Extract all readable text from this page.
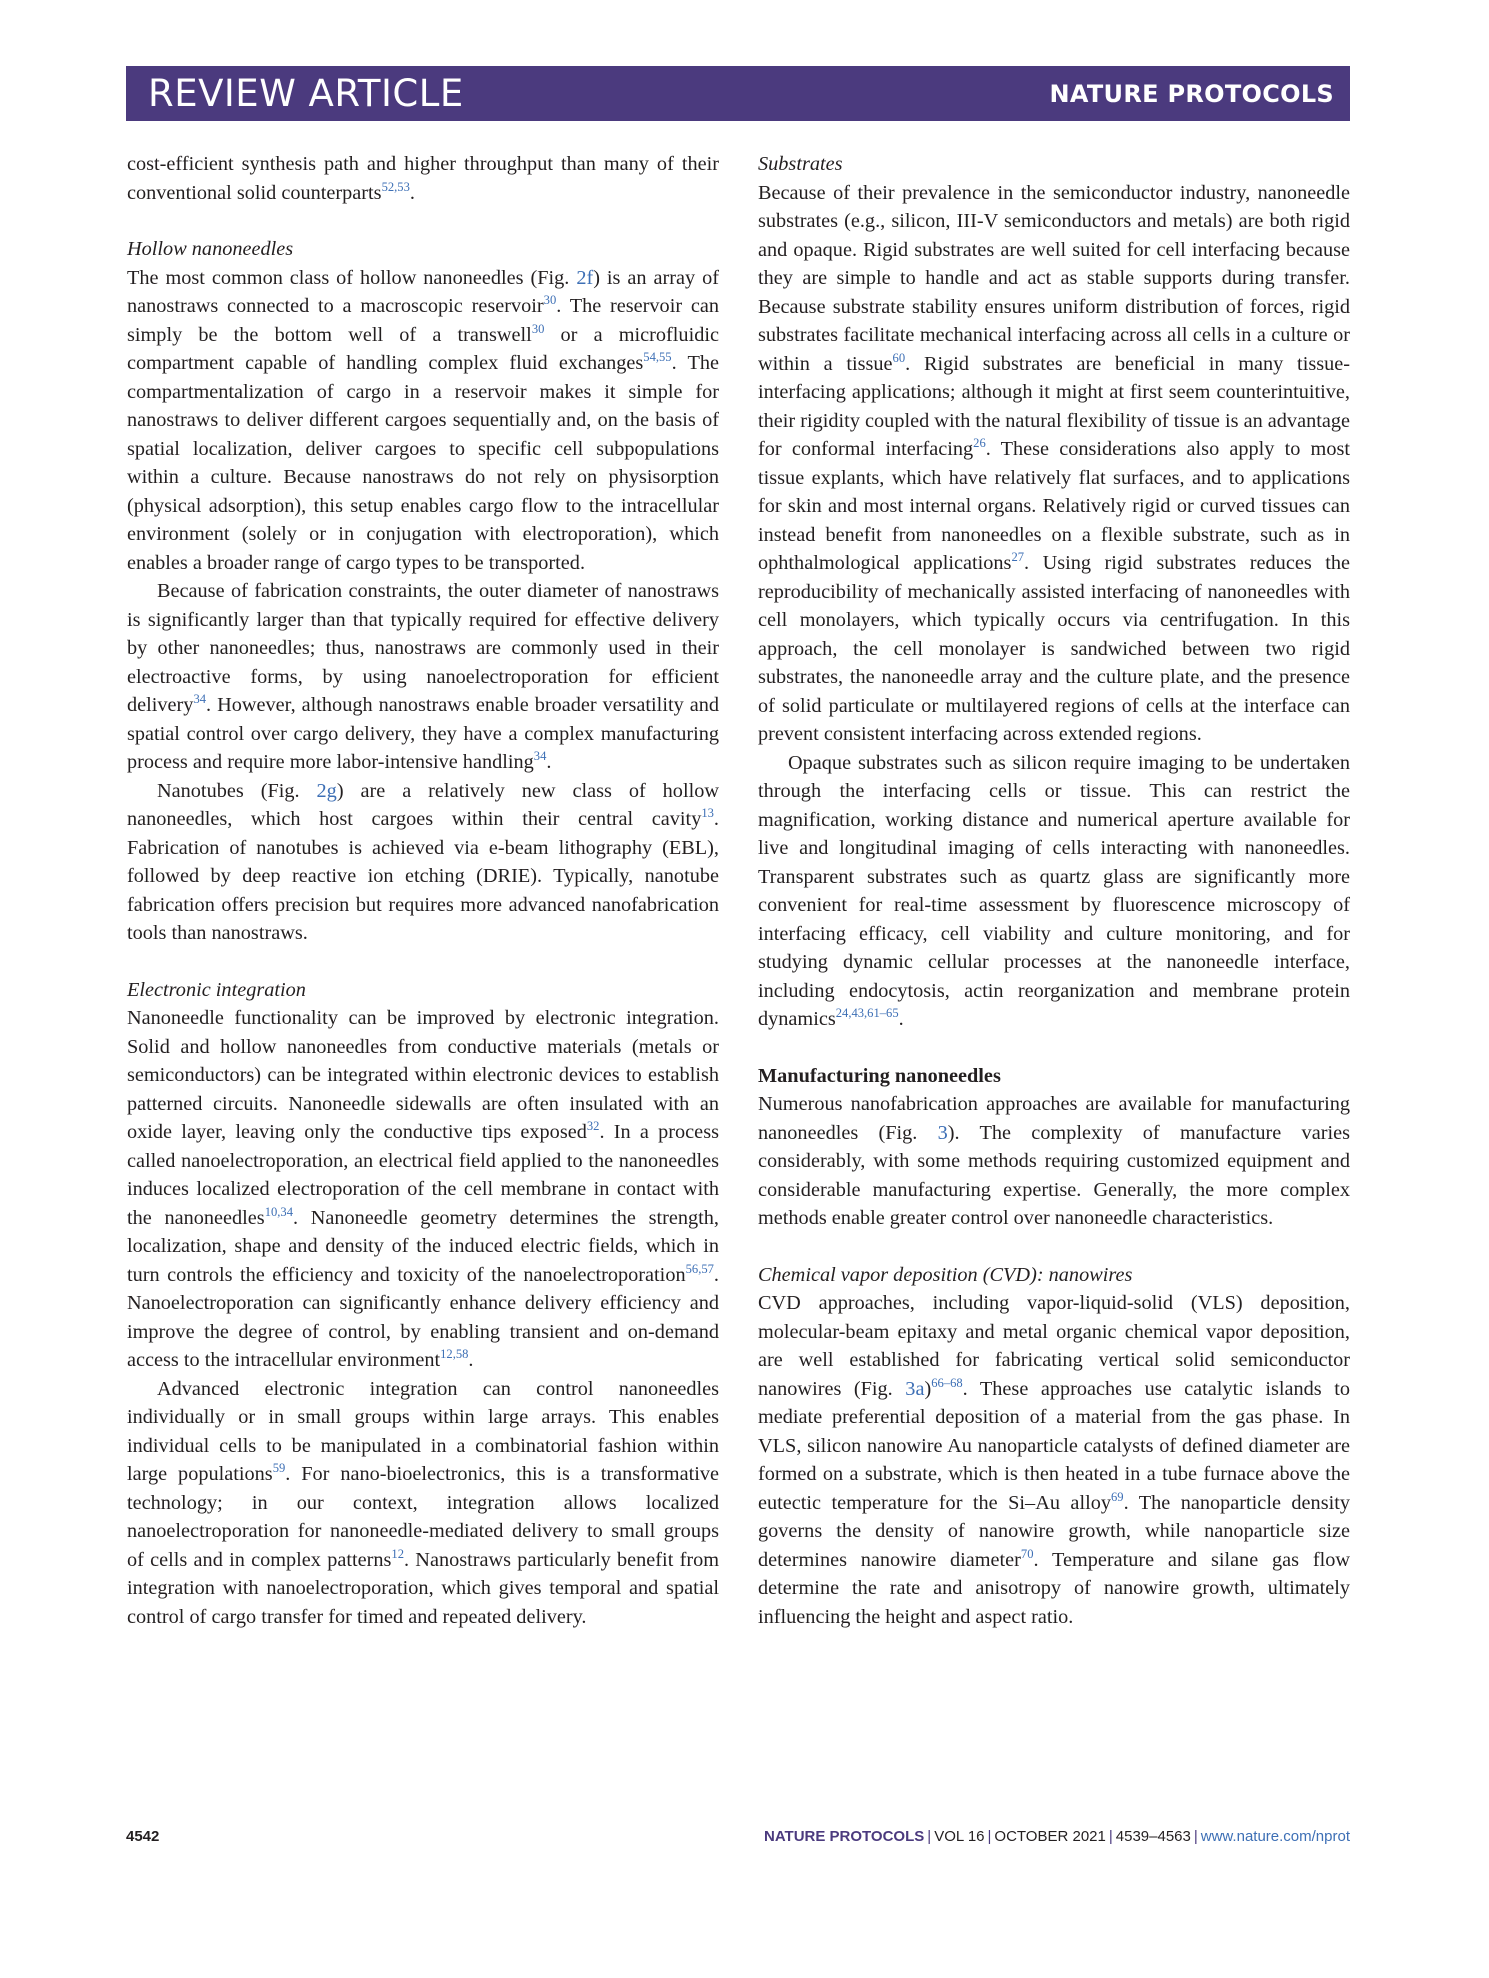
REVIEW ARTICLE	NATURE PROTOCOLS

cost-efficient synthesis path and higher throughput than many of their conventional solid counterparts$^{52,53}$.

Hollow nanoneedles

The most common class of hollow nanoneedles (Fig. 2f) is an array of nanostraws connected to a macroscopic reservoir$^{30}$. The reservoir can simply be the bottom well of a transwell$^{30}$ or a microfluidic compartment capable of handling complex fluid exchanges$^{54,55}$. The compartmentalization of cargo in a reservoir makes it simple for nanostraws to deliver different cargoes sequentially and, on the basis of spatial localization, deliver cargoes to specific cell subpopulations within a culture. Because nanostraws do not rely on physisorption (physical adsorption), this setup enables cargo flow to the intracellular environment (solely or in conjugation with electroporation), which enables a broader range of cargo types to be transported.

Because of fabrication constraints, the outer diameter of nanostraws is significantly larger than that typically required for effective delivery by other nanoneedles; thus, nanostraws are commonly used in their electroactive forms, by using nanoelectroporation for efficient delivery$^{34}$. However, although nanostraws enable broader versatility and spatial control over cargo delivery, they have a complex manufacturing process and require more labor-intensive handling$^{34}$.

Nanotubes (Fig. 2g) are a relatively new class of hollow nanoneedles, which host cargoes within their central cavity$^{13}$. Fabrication of nanotubes is achieved via e-beam lithography (EBL), followed by deep reactive ion etching (DRIE). Typically, nanotube fabrication offers precision but requires more advanced nanofabrication tools than nanostraws.

Electronic integration

Nanoneedle functionality can be improved by electronic integration. Solid and hollow nanoneedles from conductive materials (metals or semiconductors) can be integrated within electronic devices to establish patterned circuits. Nanoneedle sidewalls are often insulated with an oxide layer, leaving only the conductive tips exposed$^{32}$. In a process called nanoelectroporation, an electrical field applied to the nanoneedles induces localized electroporation of the cell membrane in contact with the nanoneedles$^{10,34}$. Nanoneedle geometry determines the strength, localization, shape and density of the induced electric fields, which in turn controls the efficiency and toxicity of the nanoelectroporation$^{56,57}$. Nanoelectroporation can significantly enhance delivery efficiency and improve the degree of control, by enabling transient and on-demand access to the intracellular environment$^{12,58}$.

Advanced electronic integration can control nanoneedles individually or in small groups within large arrays. This enables individual cells to be manipulated in a combinatorial fashion within large populations$^{59}$. For nano-bioelectronics, this is a transformative technology; in our context, integration allows localized nanoelectroporation for nanoneedle-mediated delivery to small groups of cells and in complex patterns$^{12}$. Nanostraws particularly benefit from integration with nanoelectroporation, which gives temporal and spatial control of cargo transfer for timed and repeated delivery.

Substrates

Because of their prevalence in the semiconductor industry, nanoneedle substrates (e.g., silicon, III-V semiconductors and metals) are both rigid and opaque. Rigid substrates are well suited for cell interfacing because they are simple to handle and act as stable supports during transfer. Because substrate stability ensures uniform distribution of forces, rigid substrates facilitate mechanical interfacing across all cells in a culture or within a tissue$^{60}$. Rigid substrates are beneficial in many tissue-interfacing applications; although it might at first seem counterintuitive, their rigidity coupled with the natural flexibility of tissue is an advantage for conformal interfacing$^{26}$. These considerations also apply to most tissue explants, which have relatively flat surfaces, and to applications for skin and most internal organs. Relatively rigid or curved tissues can instead benefit from nanoneedles on a flexible substrate, such as in ophthalmological applications$^{27}$. Using rigid substrates reduces the reproducibility of mechanically assisted interfacing of nanoneedles with cell monolayers, which typically occurs via centrifugation. In this approach, the cell monolayer is sandwiched between two rigid substrates, the nanoneedle array and the culture plate, and the presence of solid particulate or multilayered regions of cells at the interface can prevent consistent interfacing across extended regions.

Opaque substrates such as silicon require imaging to be undertaken through the interfacing cells or tissue. This can restrict the magnification, working distance and numerical aperture available for live and longitudinal imaging of cells interacting with nanoneedles. Transparent substrates such as quartz glass are significantly more convenient for real-time assessment by fluorescence microscopy of interfacing efficacy, cell viability and culture monitoring, and for studying dynamic cellular processes at the nanoneedle interface, including endocytosis, actin reorganization and membrane protein dynamics$^{24,43,61-65}$.

Manufacturing nanoneedles

Numerous nanofabrication approaches are available for manufacturing nanoneedles (Fig. 3). The complexity of manufacture varies considerably, with some methods requiring customized equipment and considerable manufacturing expertise. Generally, the more complex methods enable greater control over nanoneedle characteristics.

Chemical vapor deposition (CVD): nanowires

CVD approaches, including vapor-liquid-solid (VLS) deposition, molecular-beam epitaxy and metal organic chemical vapor deposition, are well established for fabricating vertical solid semiconductor nanowires (Fig. 3a)$^{66-68}$. These approaches use catalytic islands to mediate preferential deposition of a material from the gas phase. In VLS, silicon nanowire Au nanoparticle catalysts of defined diameter are formed on a substrate, which is then heated in a tube furnace above the eutectic temperature for the Si–Au alloy$^{69}$. The nanoparticle density governs the density of nanowire growth, while nanoparticle size determines nanowire diameter$^{70}$. Temperature and silane gas flow determine the rate and anisotropy of nanowire growth, ultimately influencing the height and aspect ratio.

4542	NATURE PROTOCOLS | VOL 16 | OCTOBER 2021 | 4539–4563 | www.nature.com/nprot
